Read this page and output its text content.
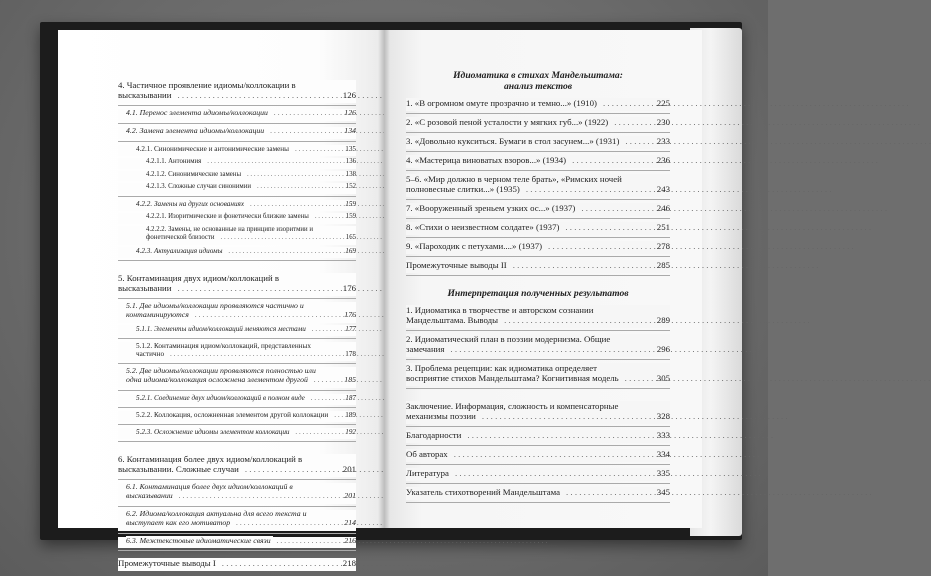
4. Частичное проявление идиомы/коллокации в высказывании . . .	126
4.1. Перенос элемента идиомы/коллокации . . .	126
4.2. Замена элемента идиомы/коллокации . . .	134
4.2.1. Синонимические и антонимические замены . . .	135
4.2.1.1. Антонимия . . .	136
4.2.1.2. Синонимические замены . . .	138
4.2.1.3. Сложные случаи синонимии . . .	152
4.2.2. Замены на других основаниях . . .	159
4.2.2.1. Изоритмические и фонетически близкие замены . . .	159
4.2.2.2. Замены, не основанные на принципе изоритмии и фонетической близости . . .	165
4.2.3. Актуализация идиомы . . .	169
5. Контаминация двух идиом/коллокаций в высказывании . . .	176
5.1. Две идиомы/коллокации проявляются частично и контаминируются . . .	176
5.1.1. Элементы идиом/коллокаций меняются местами . . .	177
5.1.2. Контаминация идиом/коллокаций, представленных частично . . .	178
5.2. Две идиомы/коллокации проявляются полностью или одна идиома/коллокация осложнена элементом другой . . .	185
5.2.1. Соединение двух идиом/коллокаций в полном виде . . .	187
5.2.2. Коллокация, осложненная элементом другой коллокации . . .	189
5.2.3. Осложнение идиомы элементом коллокации . . .	192
6. Контаминация более двух идиом/коллокаций в высказывании. Сложные случаи . . .	201
6.1. Контаминация более двух идиом/коллокаций в высказывании . . .	201
6.2. Идиома/коллокация актуальна для всего текста и выступает как его мотиватор . . .	214
6.3. Межтекстовые идиоматические связи . . .	216
Промежуточные выводы I . . .	218
Идиоматика в стихах Мандельштама:
анализ текстов
1. «В огромном омуте прозрачно и темно...» (1910) . . .	225
2. «С розовой пеной усталости у мягких губ...» (1922) . . .	230
3. «Довольно кукситься. Бумаги в стол засунем...» (1931) . . .	233
4. «Мастерица виноватых взоров...» (1934) . . .	236
5–6. «Мир должно в черном теле брать», «Римских ночей полновесные слитки...» (1935) . . .	243
7. «Вооруженный зреньем узких ос...» (1937) . . .	246
8. «Стихи о неизвестном солдате» (1937) . . .	251
9. «Пароходик с петухами....» (1937) . . .	278
Промежуточные выводы II . . .	285
Интерпретация полученных результатов
1. Идиоматика в творчестве и авторском сознании Мандельштама. Выводы . . .	289
2. Идиоматический план в поэзии модернизма. Общие замечания . . .	296
3. Проблема рецепции: как идиоматика определяет восприятие стихов Мандельштама? Когнитивная модель . . .	305
Заключение. Информация, сложность и компенсаторные механизмы поэзии . . .	328
Благодарности . . .	333
Об авторах . . .	334
Литература . . .	335
Указатель стихотворений Мандельштама . . .	345
